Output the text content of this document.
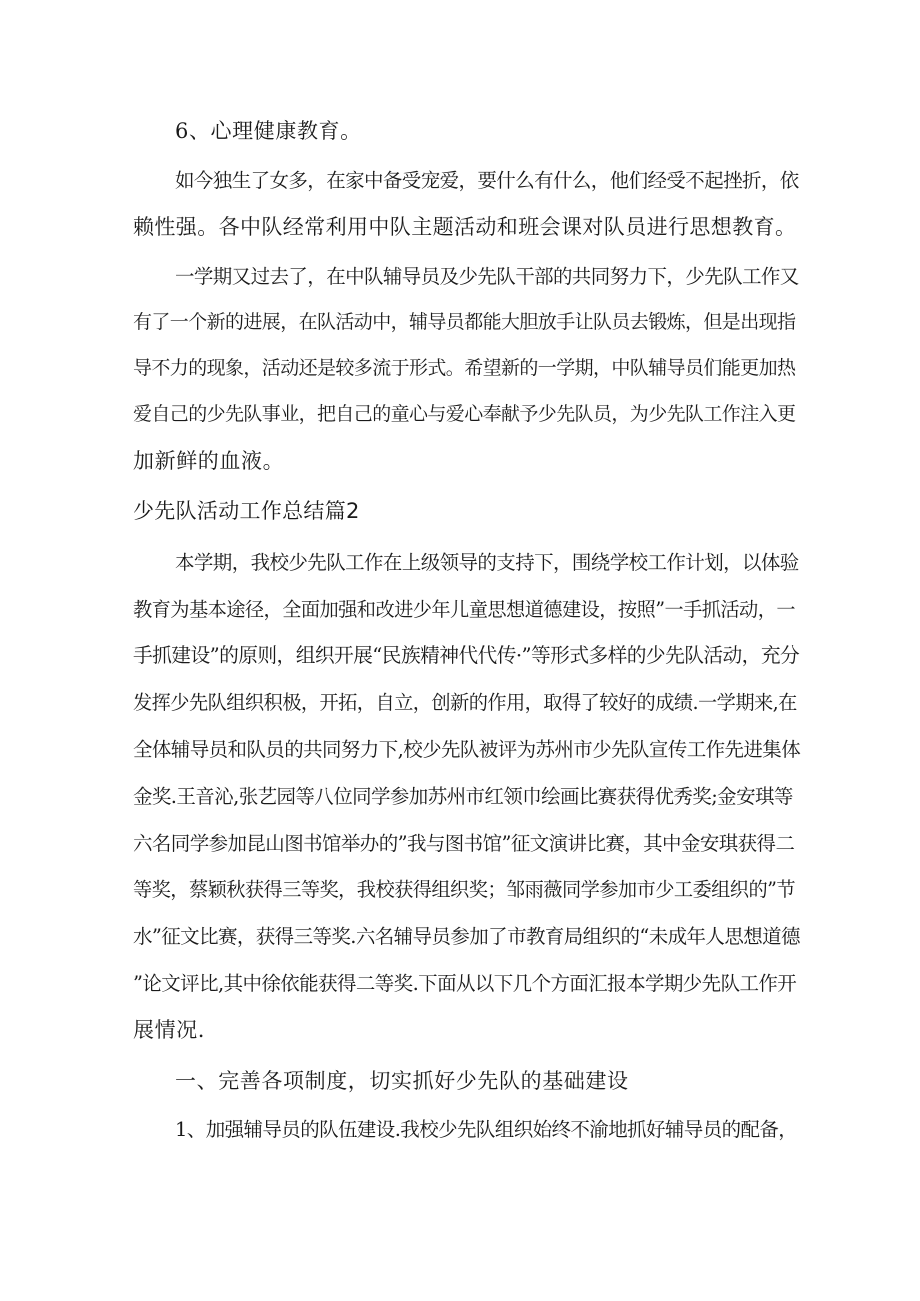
6、心理健康教育。
如今独生了女多，在家中备受宠爱，要什么有什么，他们经受不起挫折，依
赖性强。各中队经常利用中队主题活动和班会课对队员进行思想教育。
一学期又过去了，在中队辅导员及少先队干部的共同努力下，少先队工作又
有了一个新的进展，在队活动中，辅导员都能大胆放手让队员去锻炼，但是出现指
导不力的现象，活动还是较多流于形式。希望新的一学期，中队辅导员们能更加热
爱自己的少先队事业，把自己的童心与爱心奉献予少先队员，为少先队工作注入更
加新鲜的血液。
少先队活动工作总结篇2
本学期，我校少先队工作在上级领导的支持下，围绕学校工作计划，以体验
教育为基本途径，全面加强和改进少年儿童思想道德建设，按照”一手抓活动，一
手抓建设”的原则，组织开展“民族精神代代传·”等形式多样的少先队活动，充分
发挥少先队组织积极，开拓，自立，创新的作用，取得了较好的成绩.一学期来,在
全体辅导员和队员的共同努力下,校少先队被评为苏州市少先队宣传工作先进集体
金奖.王音沁,张艺园等八位同学参加苏州市红领巾绘画比赛获得优秀奖;金安琪等
六名同学参加昆山图书馆举办的”我与图书馆”征文演讲比赛，其中金安琪获得二
等奖，蔡颖秋获得三等奖，我校获得组织奖；邹雨薇同学参加市少工委组织的”节
水”征文比赛，获得三等奖.六名辅导员参加了市教育局组织的“未成年人思想道德
”论文评比,其中徐依能获得二等奖.下面从以下几个方面汇报本学期少先队工作开
展情况.
一、完善各项制度，切实抓好少先队的基础建设
1、加强辅导员的队伍建设.我校少先队组织始终不渝地抓好辅导员的配备，
